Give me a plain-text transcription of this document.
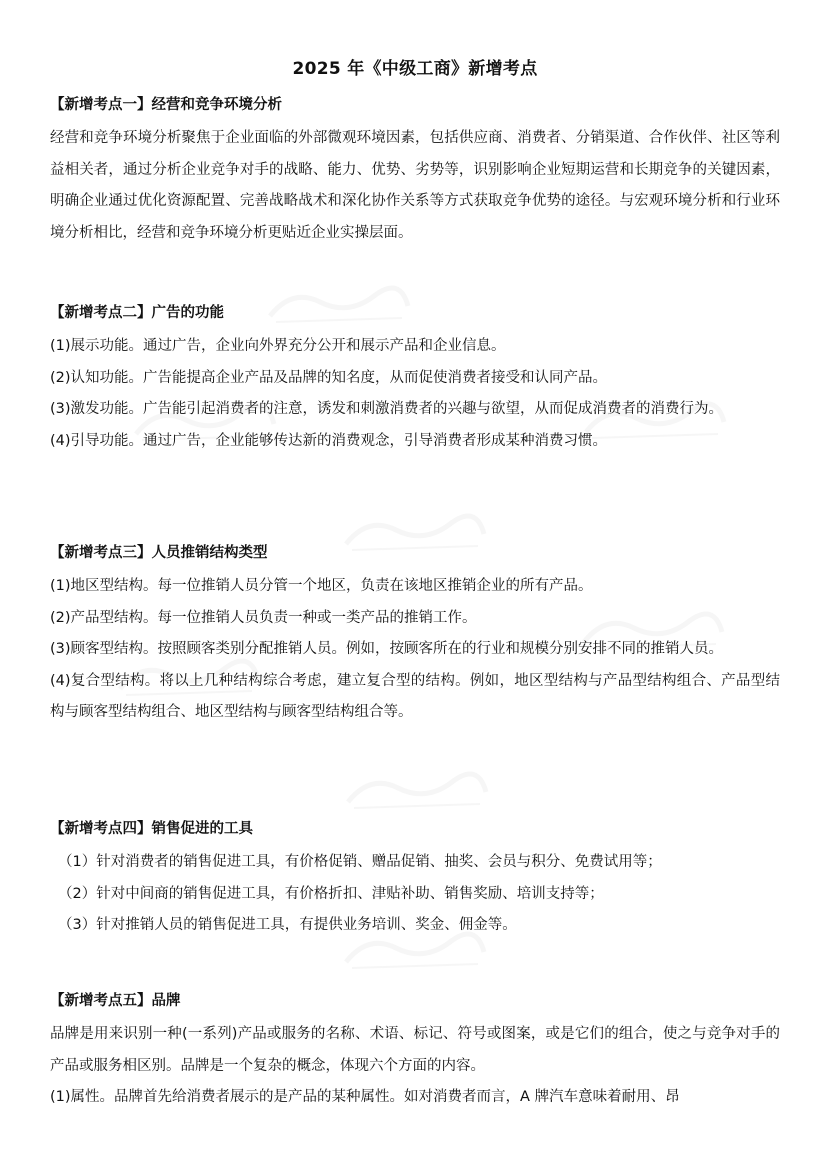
2025 年《中级工商》新增考点
【新增考点一】经营和竞争环境分析

经营和竞争环境分析聚焦于企业面临的外部微观环境因素，包括供应商、消费者、分销渠道、合作伙伴、社区等利益相关者，通过分析企业竞争对手的战略、能力、优势、劣势等，识别影响企业短期运营和长期竞争的关键因素，明确企业通过优化资源配置、完善战略战术和深化协作关系等方式获取竞争优势的途径。与宏观环境分析和行业环境分析相比，经营和竞争环境分析更贴近企业实操层面。

【新增考点二】广告的功能

(1)展示功能。通过广告，企业向外界充分公开和展示产品和企业信息。

(2)认知功能。广告能提高企业产品及品牌的知名度，从而促使消费者接受和认同产品。

(3)激发功能。广告能引起消费者的注意，诱发和刺激消费者的兴趣与欲望，从而促成消费者的消费行为。

(4)引导功能。通过广告，企业能够传达新的消费观念，引导消费者形成某种消费习惯。

【新增考点三】人员推销结构类型

(1)地区型结构。每一位推销人员分管一个地区，负责在该地区推销企业的所有产品。

(2)产品型结构。每一位推销人员负责一种或一类产品的推销工作。

(3)顾客型结构。按照顾客类别分配推销人员。例如，按顾客所在的行业和规模分别安排不同的推销人员。

(4)复合型结构。将以上几种结构综合考虑，建立复合型的结构。例如，地区型结构与产品型结构组合、产品型结构与顾客型结构组合、地区型结构与顾客型结构组合等。

【新增考点四】销售促进的工具

（1）针对消费者的销售促进工具，有价格促销、赠品促销、抽奖、会员与积分、免费试用等；

（2）针对中间商的销售促进工具，有价格折扣、津贴补助、销售奖励、培训支持等；

（3）针对推销人员的销售促进工具，有提供业务培训、奖金、佣金等。

【新增考点五】品牌

品牌是用来识别一种(一系列)产品或服务的名称、术语、标记、符号或图案，或是它们的组合，使之与竞争对手的产品或服务相区别。品牌是一个复杂的概念，体现六个方面的内容。

(1)属性。品牌首先给消费者展示的是产品的某种属性。如对消费者而言，A 牌汽车意味着耐用、昂
